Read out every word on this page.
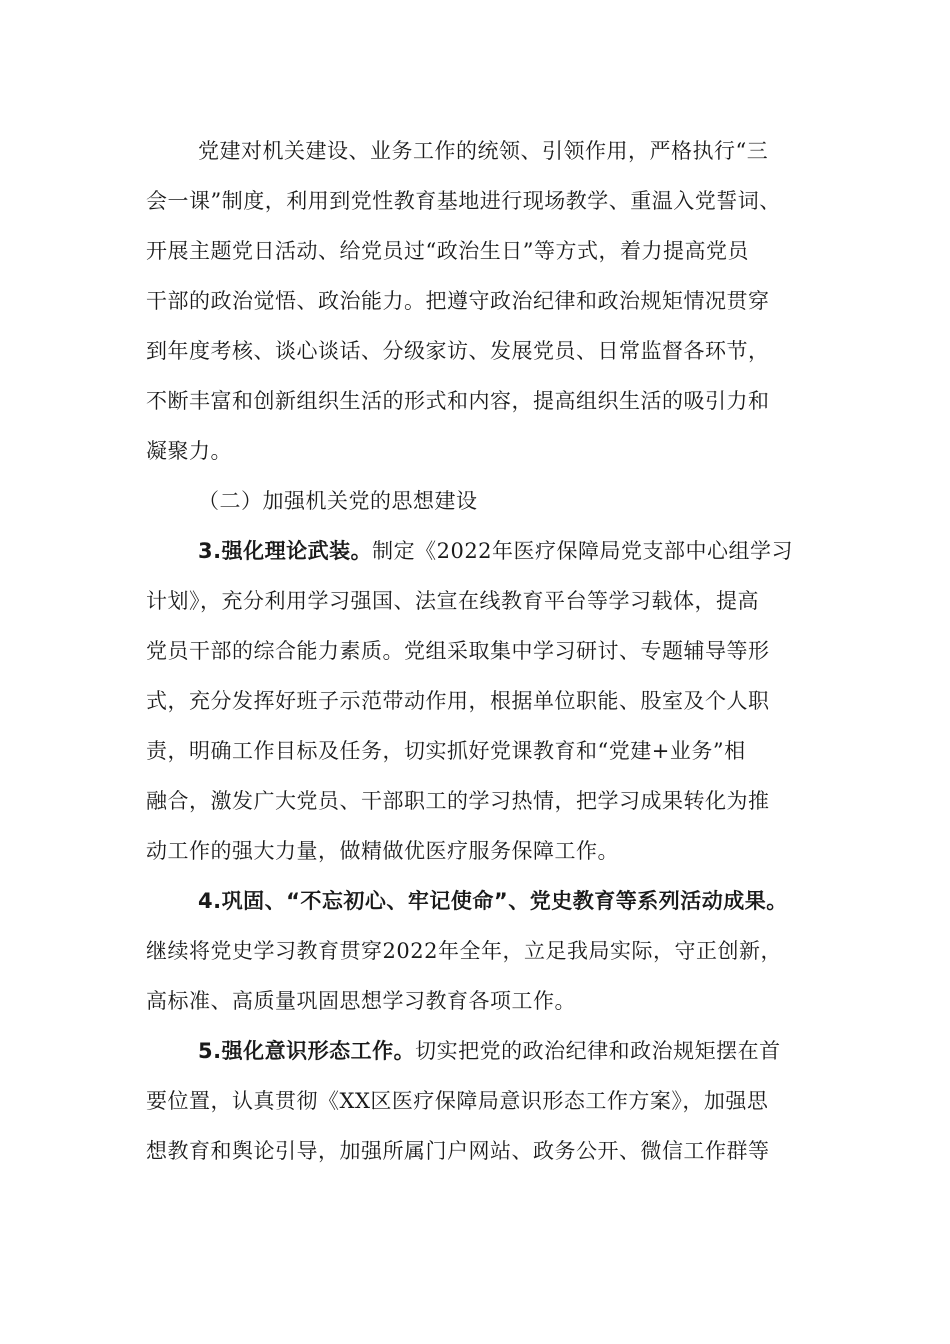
党建对机关建设、业务工作的统领、引领作用，严格执行“三
会一课”制度，利用到党性教育基地进行现场教学、重温入党誓词、
开展主题党日活动、给党员过“政治生日”等方式，着力提高党员
干部的政治觉悟、政治能力。把遵守政治纪律和政治规矩情况贯穿
到年度考核、谈心谈话、分级家访、发展党员、日常监督各环节，
不断丰富和创新组织生活的形式和内容，提高组织生活的吸引力和
凝聚力。
（二）加强机关党的思想建设
3.强化理论武装。制定《2022年医疗保障局党支部中心组学习
计划》，充分利用学习强国、法宣在线教育平台等学习载体，提高
党员干部的综合能力素质。党组采取集中学习研讨、专题辅导等形
式，充分发挥好班子示范带动作用，根据单位职能、股室及个人职
责，明确工作目标及任务，切实抓好党课教育和“党建+业务”相
融合，激发广大党员、干部职工的学习热情，把学习成果转化为推
动工作的强大力量，做精做优医疗服务保障工作。
4.巩固、“不忘初心、牢记使命”、党史教育等系列活动成果。
继续将党史学习教育贯穿2022年全年，立足我局实际，守正创新，
高标准、高质量巩固思想学习教育各项工作。
5.强化意识形态工作。切实把党的政治纪律和政治规矩摆在首
要位置，认真贯彻《XX区医疗保障局意识形态工作方案》，加强思
想教育和舆论引导，加强所属门户网站、政务公开、微信工作群等
